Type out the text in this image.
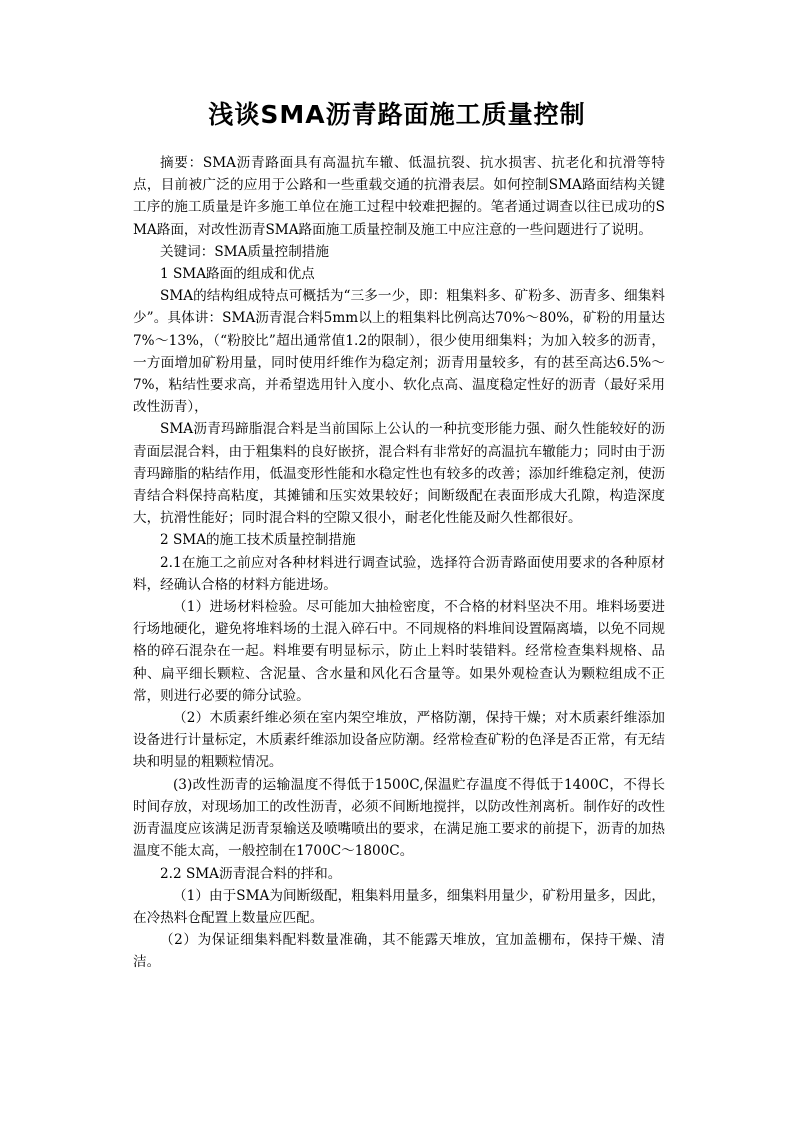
浅谈SMA沥青路面施工质量控制

摘要：SMA沥青路面具有高温抗车辙、低温抗裂、抗水损害、抗老化和抗滑等特点，目前被广泛的应用于公路和一些重载交通的抗滑表层。如何控制SMA路面结构关键工序的施工质量是许多施工单位在施工过程中较难把握的。笔者通过调查以往已成功的SMA路面，对改性沥青SMA路面施工质量控制及施工中应注意的一些问题进行了说明。

关键词：SMA质量控制措施

1 SMA路面的组成和优点

SMA的结构组成特点可概括为“三多一少，即：粗集料多、矿粉多、沥青多、细集料少”。具体讲：SMA沥青混合料5mm以上的粗集料比例高达70%～80%，矿粉的用量达7%～13%，（“粉胶比”超出通常值1.2的限制），很少使用细集料；为加入较多的沥青，一方面增加矿粉用量，同时使用纤维作为稳定剂；沥青用量较多，有的甚至高达6.5%～7%，粘结性要求高，并希望选用针入度小、软化点高、温度稳定性好的沥青（最好采用改性沥青），

SMA沥青玛蹄脂混合料是当前国际上公认的一种抗变形能力强、耐久性能较好的沥青面层混合料，由于粗集料的良好嵌挤，混合料有非常好的高温抗车辙能力；同时由于沥青玛蹄脂的粘结作用，低温变形性能和水稳定性也有较多的改善；添加纤维稳定剂，使沥青结合料保持高粘度，其摊铺和压实效果较好；间断级配在表面形成大孔隙，构造深度大，抗滑性能好；同时混合料的空隙又很小，耐老化性能及耐久性都很好。

2 SMA的施工技术质量控制措施

2.1在施工之前应对各种材料进行调查试验，选择符合沥青路面使用要求的各种原材料，经确认合格的材料方能进场。

（1）进场材料检验。尽可能加大抽检密度，不合格的材料坚决不用。堆料场要进行场地硬化，避免将堆料场的土混入碎石中。不同规格的料堆间设置隔离墙，以免不同规格的碎石混杂在一起。料堆要有明显标示，防止上料时装错料。经常检查集料规格、品种、扁平细长颗粒、含泥量、含水量和风化石含量等。如果外观检查认为颗粒组成不正常，则进行必要的筛分试验。

（2）木质素纤维必须在室内架空堆放，严格防潮，保持干燥；对木质素纤维添加设备进行计量标定，木质素纤维添加设备应防潮。经常检查矿粉的色泽是否正常，有无结块和明显的粗颗粒情况。

(3)改性沥青的运输温度不得低于1500C,保温贮存温度不得低于1400C，不得长时间存放，对现场加工的改性沥青，必须不间断地搅拌，以防改性剂离析。制作好的改性沥青温度应该满足沥青泵输送及喷嘴喷出的要求，在满足施工要求的前提下，沥青的加热温度不能太高，一般控制在1700C～1800C。

2.2 SMA沥青混合料的拌和。

（1）由于SMA为间断级配，粗集料用量多，细集料用量少，矿粉用量多，因此，在冷热料仓配置上数量应匹配。

（2）为保证细集料配料数量准确，其不能露天堆放，宜加盖棚布，保持干燥、清洁。
